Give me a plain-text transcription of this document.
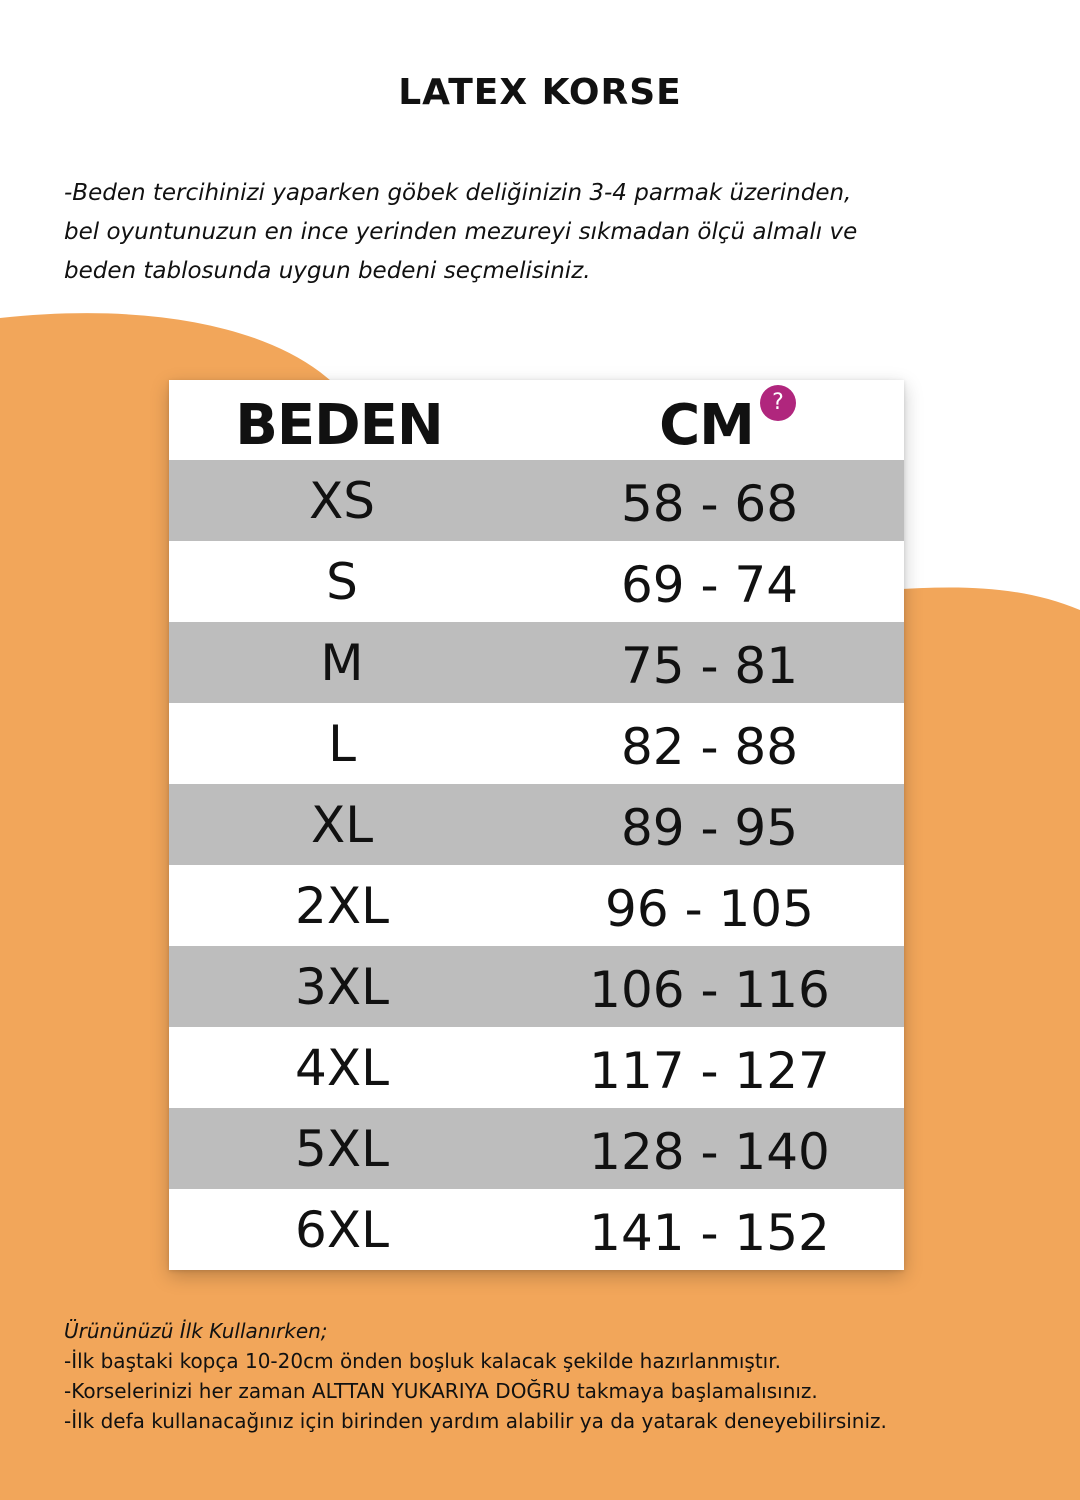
LATEX KORSE

-Beden tercihinizi yaparken göbek deliğinizin 3-4 parmak üzerinden,

bel oyuntunuzun en ince yerinden mezureyi sıkmadan ölçü almalı ve

beden tablosunda uygun bedeni seçmelisiniz.

BEDEN	CM ?
XS	58 - 68
S	69 - 74
M	75 - 81
L	82 - 88
XL	89 - 95
2XL	96 - 105
3XL	106 - 116
4XL	117 - 127
5XL	128 - 140
6XL	141 - 152

Ürününüzü İlk Kullanırken;

-İlk baştaki kopça 10-20cm önden boşluk kalacak şekilde hazırlanmıştır.

-Korselerinizi her zaman ALTTAN YUKARIYA DOĞRU takmaya başlamalısınız.

-İlk defa kullanacağınız için birinden yardım alabilir ya da yatarak deneyebilirsiniz.
